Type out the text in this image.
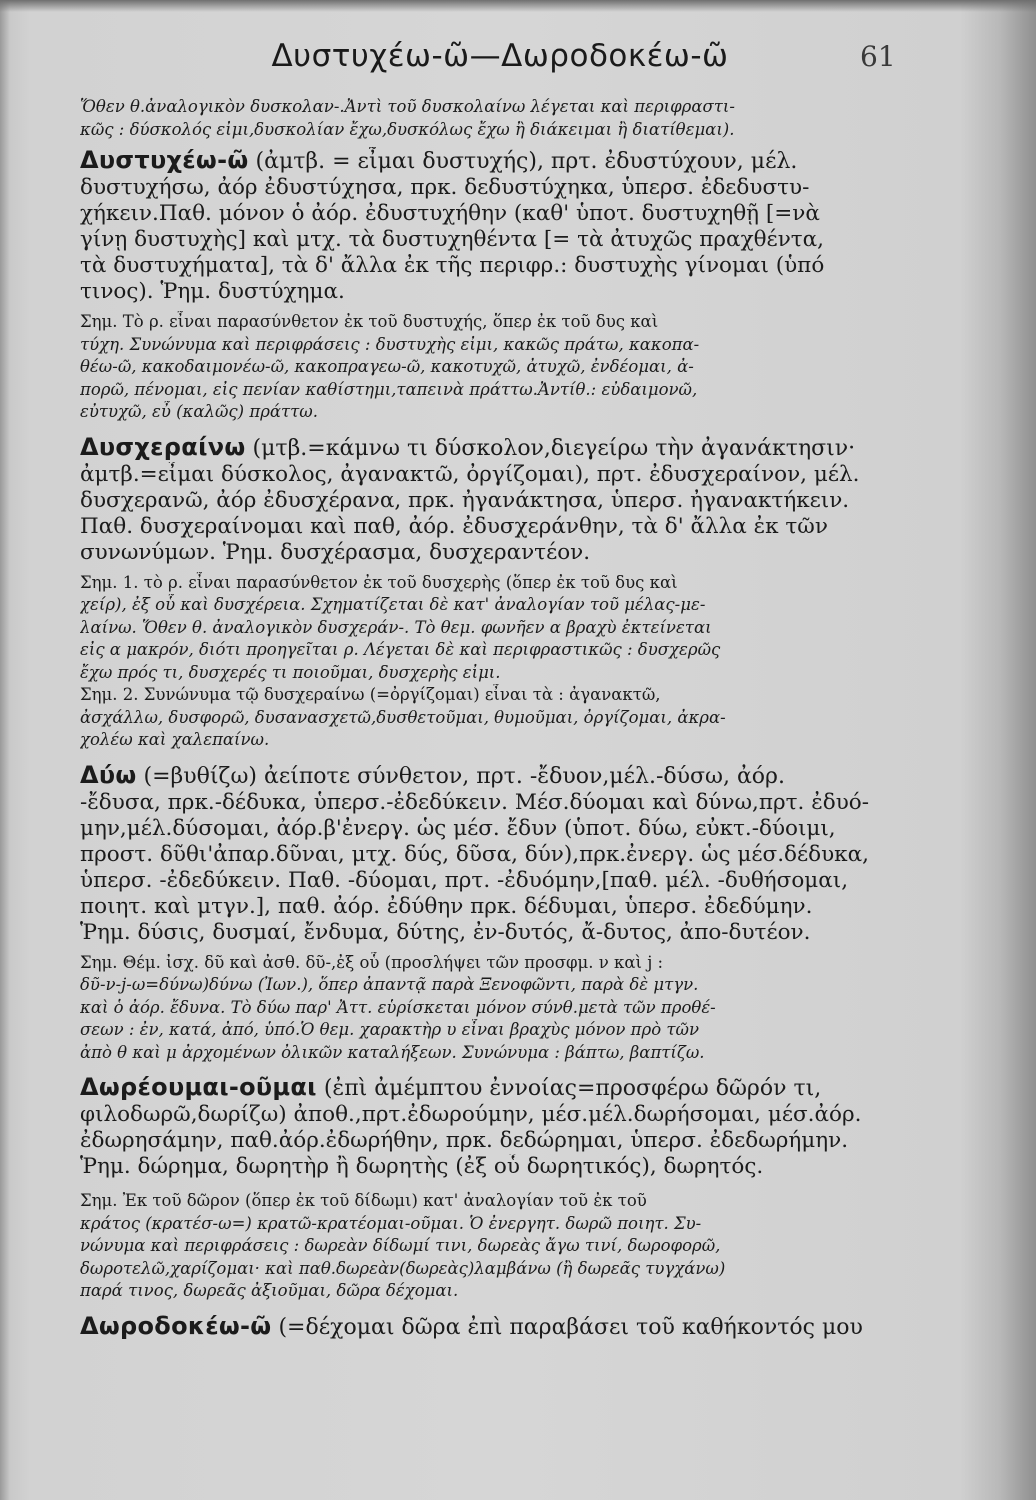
Δυστυχέω-ῶ—Δωροδοκέω-ῶ	61
Ὅθεν θ.ἀναλογικὸν δυσκολαν-.Ἀντὶ τοῦ δυσκολαίνω λέγεται καὶ περιφραστι-
κῶς : δύσκολός εἰμι,δυσκολίαν ἔχω,δυσκόλως ἔχω ἢ διάκειμαι ἢ διατίθεμαι).
Δυστυχέω-ῶ (ἀμτβ. = εἶμαι δυστυχής), πρτ. ἐδυστύχουν, μέλ.
δυστυχήσω, ἀόρ ἐδυστύχησα, πρκ. δεδυστύχηκα, ὑπερσ. ἐδεδυστυ-
χήκειν.Παθ. μόνον ὁ ἀόρ. ἐδυστυχήθην (καθ' ὑποτ. δυστυχηθῇ [=νὰ
γίνῃ δυστυχὴς] καὶ μτχ. τὰ δυστυχηθέντα [= τὰ ἀτυχῶς πραχθέντα,
τὰ δυστυχήματα], τὰ δ' ἄλλα ἐκ τῆς περιφρ.: δυστυχὴς γίνομαι (ὑπό
τινος). Ῥημ. δυστύχημα.
Σημ. Τὸ ρ. εἶναι παρασύνθετον ἐκ τοῦ δυστυχής, ὅπερ ἐκ τοῦ δυς καὶ
τύχη. Συνώνυμα καὶ περιφράσεις : δυστυχὴς εἰμι, κακῶς πράτω, κακοπα-
θέω-ῶ, κακοδαιμονέω-ῶ, κακοπραγεω-ῶ, κακοτυχῶ, ἀτυχῶ, ἐνδέομαι, ἀ-
πορῶ, πένομαι, εἰς πενίαν καθίστημι,ταπεινὰ πράττω.Ἀντίθ.: εὐδαιμονῶ,
εὐτυχῶ, εὖ (καλῶς) πράττω.
Δυσχεραίνω (μτβ.=κάμνω τι δύσκολον,διεγείρω τὴν ἀγανάκτησιν·
ἀμτβ.=εἶμαι δύσκολος, ἀγανακτῶ, ὀργίζομαι), πρτ. ἐδυσχεραίνον, μέλ.
δυσχερανῶ, ἀόρ ἐδυσχέρανα, πρκ. ἠγανάκτησα, ὑπερσ. ἠγανακτήκειν.
Παθ. δυσχεραίνομαι καὶ παθ, ἀόρ. ἐδυσχεράνθην, τὰ δ' ἄλλα ἐκ τῶν
συνωνύμων. Ῥημ. δυσχέρασμα, δυσχεραντέον.
Σημ. 1. τὸ ρ. εἶναι παρασύνθετον ἐκ τοῦ δυσχερὴς (ὅπερ ἐκ τοῦ δυς καὶ
χείρ), ἐξ οὗ καὶ δυσχέρεια. Σχηματίζεται δὲ κατ' ἀναλογίαν τοῦ μέλας-με-
λαίνω. Ὅθεν θ. ἀναλογικὸν δυσχεράν-. Τὸ θεμ. φωνῆεν α βραχὺ ἐκτείνεται
εἰς α μακρόν, διότι προηγεῖται ρ. Λέγεται δὲ καὶ περιφραστικῶς : δυσχερῶς
ἔχω πρός τι, δυσχερές τι ποιοῦμαι, δυσχερὴς εἰμι.
Σημ. 2. Συνώνυμα τῷ δυσχεραίνω (=ὀργίζομαι) εἶναι τὰ : ἀγανακτῶ,
ἀσχάλλω, δυσφορῶ, δυσανασχετῶ,δυσθετοῦμαι, θυμοῦμαι, ὀργίζομαι, ἀκρα-
χολέω καὶ χαλεπαίνω.
Δύω (=βυθίζω) ἀείποτε σύνθετον, πρτ. -ἔδυον,μέλ.-δύσω, ἀόρ.
-ἔδυσα, πρκ.-δέδυκα, ὑπερσ.-ἐδεδύκειν. Μέσ.δύομαι καὶ δύνω,πρτ. ἐδυό-
μην,μέλ.δύσομαι, ἀόρ.β'ἐνεργ. ὡς μέσ. ἔδυν (ὑποτ. δύω, εὐκτ.-δύοιμι,
προστ. δῦθι'ἀπαρ.δῦναι, μτχ. δύς, δῦσα, δύν),πρκ.ἐνεργ. ὡς μέσ.δέδυκα,
ὑπερσ. -ἐδεδύκειν. Παθ. -δύομαι, πρτ. -ἐδυόμην,[παθ. μέλ. -δυθήσομαι,
ποιητ. καὶ μτγν.], παθ. ἀόρ. ἐδύθην πρκ. δέδυμαι, ὑπερσ. ἐδεδύμην.
Ῥημ. δύσις, δυσμαί, ἔνδυμα, δύτης, ἐν-δυτός, ἄ-δυτος, ἀπο-δυτέον.
Σημ. Θέμ. ἰσχ. δῦ καὶ ἀσθ. δῦ-,ἐξ οὗ (προσλήψει τῶν προσφμ. ν καὶ j :
δῦ-ν-j-ω=δύνω)δύνω (Ἰων.), ὅπερ ἀπαντᾷ παρὰ Ξενοφῶντι, παρὰ δὲ μτγν.
καὶ ὁ ἀόρ. ἔδυνα. Τὸ δύω παρ' Ἀττ. εὑρίσκεται μόνον σύνθ.μετὰ τῶν προθέ-
σεων : ἐν, κατά, ἀπό, ὑπό.Ὁ θεμ. χαρακτὴρ υ εἶναι βραχὺς μόνον πρὸ τῶν
ἀπὸ θ καὶ μ ἀρχομένων ὀλικῶν καταλήξεων. Συνώνυμα : βάπτω, βαπτίζω.
Δωρέουμαι-οῦμαι (ἐπὶ ἀμέμπτου ἐννοίας=προσφέρω δῶρόν τι,
φιλοδωρῶ,δωρίζω) ἀποθ.,πρτ.ἐδωρούμην, μέσ.μέλ.δωρήσομαι, μέσ.ἀόρ.
ἐδωρησάμην, παθ.ἀόρ.ἐδωρήθην, πρκ. δεδώρημαι, ὑπερσ. ἐδεδωρήμην.
Ῥημ. δώρημα, δωρητὴρ ἢ δωρητὴς (ἐξ οὗ δωρητικός), δωρητός.
Σημ. Ἐκ τοῦ δῶρον (ὅπερ ἐκ τοῦ δίδωμι) κατ' ἀναλογίαν τοῦ ἐκ τοῦ
κράτος (κρατέσ-ω=) κρατῶ-κρατέομαι-οῦμαι. Ὁ ἐνεργητ. δωρῶ ποιητ. Συ-
νώνυμα καὶ περιφράσεις : δωρεὰν δίδωμί τινι, δωρεὰς ἄγω τινί, δωροφορῶ,
δωροτελῶ,χαρίζομαι· καὶ παθ.δωρεὰν(δωρεὰς)λαμβάνω (ἢ δωρεᾶς τυγχάνω)
παρά τινος, δωρεᾶς ἀξιοῦμαι, δῶρα δέχομαι.
Δωροδοκέω-ῶ (=δέχομαι δῶρα ἐπὶ παραβάσει τοῦ καθήκοντός μου
